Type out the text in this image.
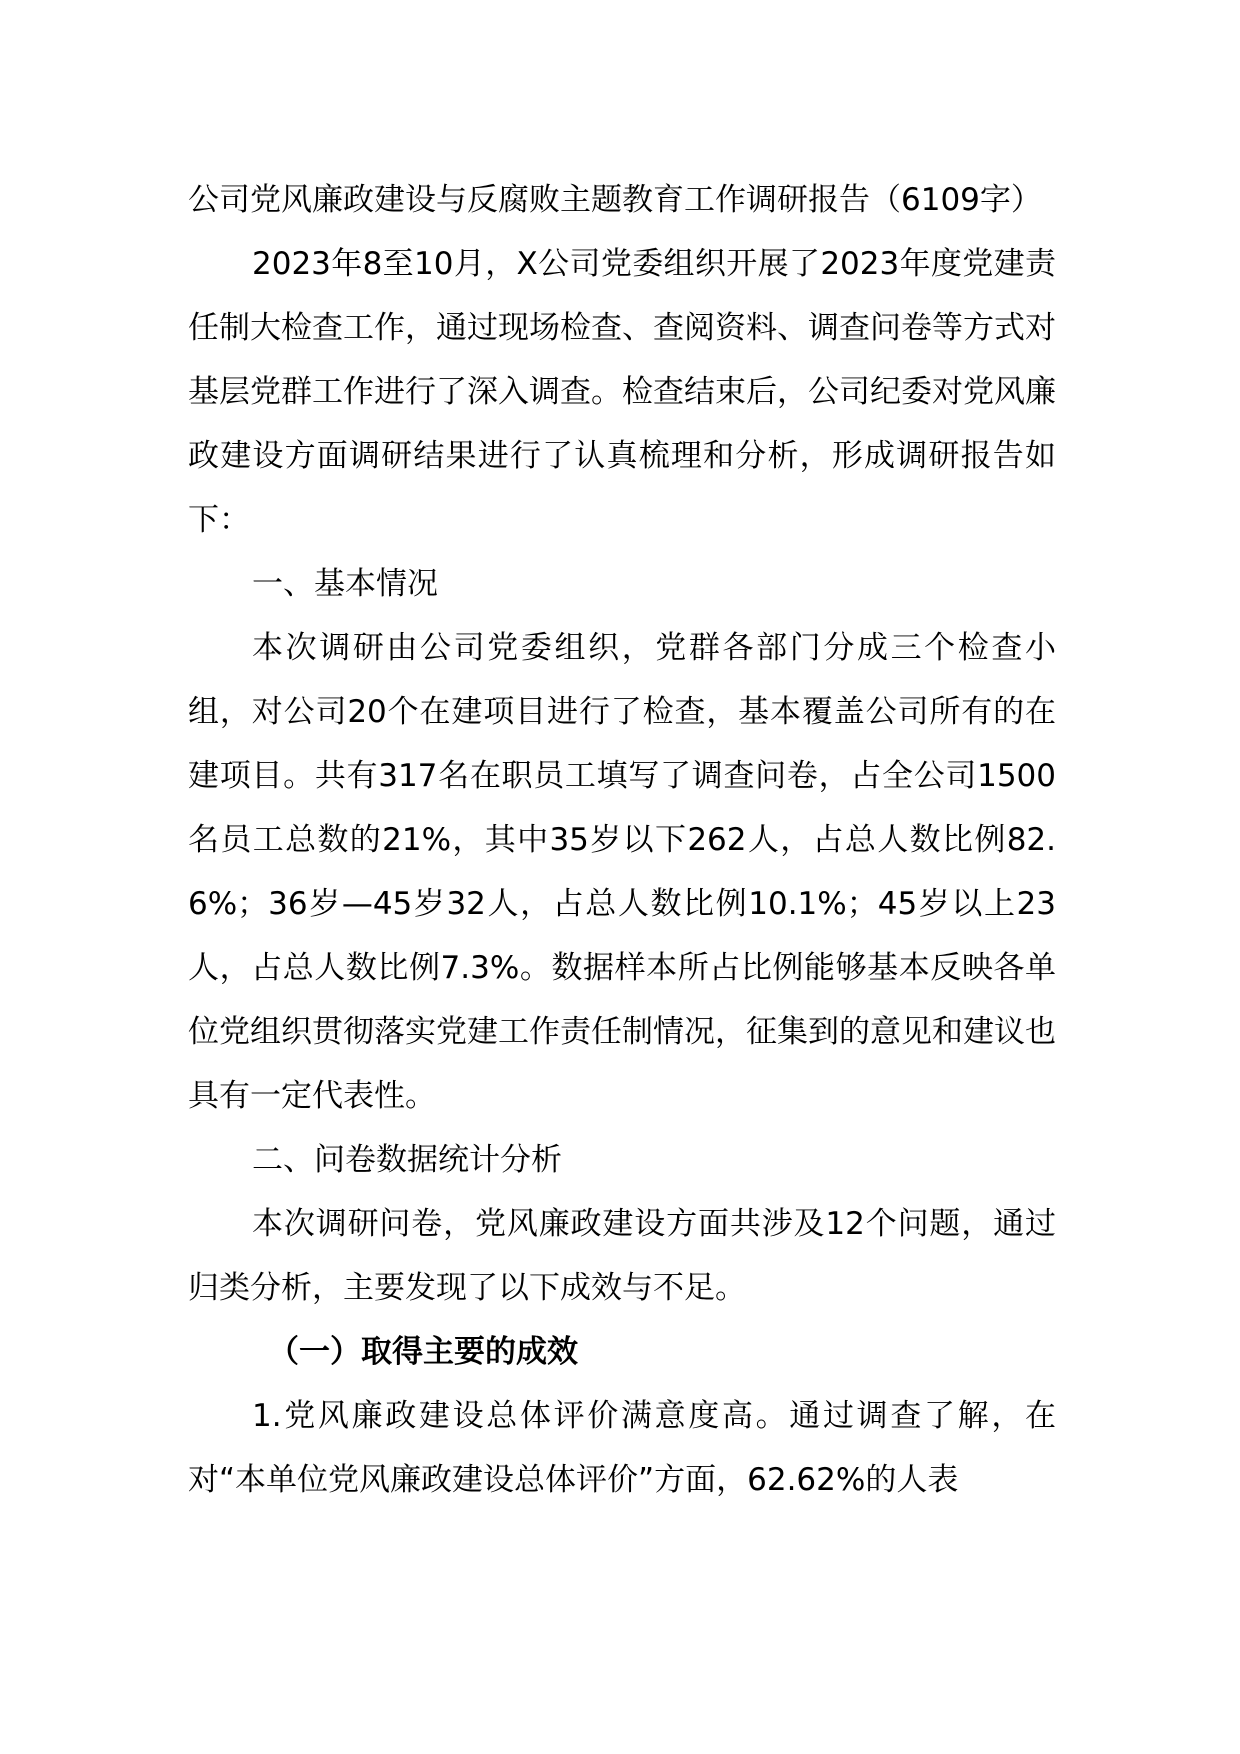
公司党风廉政建设与反腐败主题教育工作调研报告（6109字）

2023年8至10月，X公司党委组织开展了2023年度党建责任制大检查工作，通过现场检查、查阅资料、调查问卷等方式对基层党群工作进行了深入调查。检查结束后，公司纪委对党风廉政建设方面调研结果进行了认真梳理和分析，形成调研报告如下：

一、基本情况

本次调研由公司党委组织，党群各部门分成三个检查小组，对公司20个在建项目进行了检查，基本覆盖公司所有的在建项目。共有317名在职员工填写了调查问卷，占全公司1500名员工总数的21%，其中35岁以下262人，占总人数比例82.6%；36岁—45岁32人，占总人数比例10.1%；45岁以上23人，占总人数比例7.3%。数据样本所占比例能够基本反映各单位党组织贯彻落实党建工作责任制情况，征集到的意见和建议也具有一定代表性。

二、问卷数据统计分析

本次调研问卷，党风廉政建设方面共涉及12个问题，通过归类分析，主要发现了以下成效与不足。

（一）取得主要的成效

1.党风廉政建设总体评价满意度高。通过调查了解，在对“本单位党风廉政建设总体评价”方面，62.62%的人表
